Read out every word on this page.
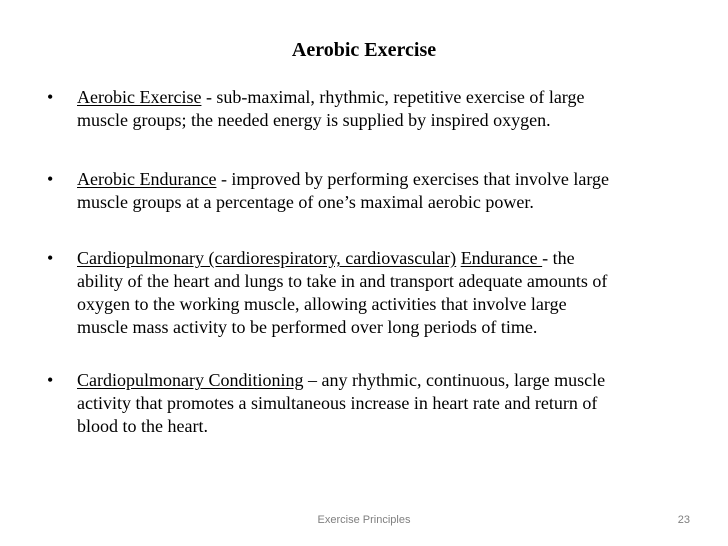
Aerobic Exercise
• Aerobic Exercise - sub-maximal, rhythmic, repetitive exercise of large
muscle groups; the needed energy is supplied by inspired oxygen.
• Aerobic Endurance - improved by performing exercises that involve large
muscle groups at a percentage of one’s maximal aerobic power.
• Cardiopulmonary (cardiorespiratory, cardiovascular) Endurance - the
ability of the heart and lungs to take in and transport adequate amounts of
oxygen to the working muscle, allowing activities that involve large
muscle mass activity to be performed over long periods of time.
• Cardiopulmonary Conditioning – any rhythmic, continuous, large muscle
activity that promotes a simultaneous increase in heart rate and return of
blood to the heart.
Exercise Principles	23
